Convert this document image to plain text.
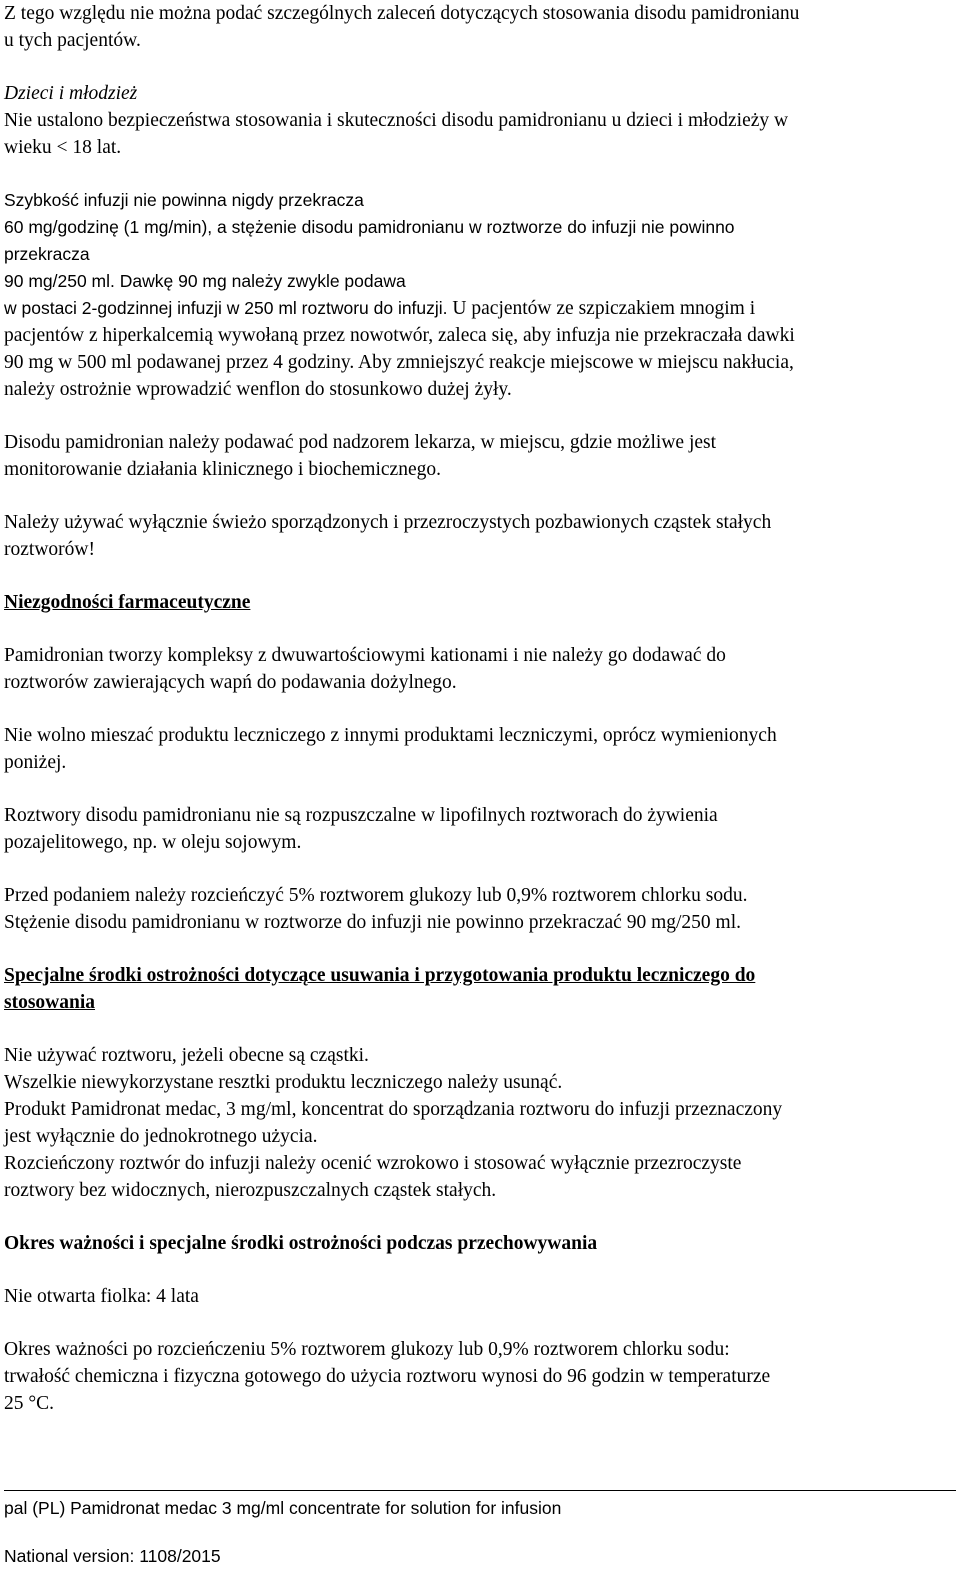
Z tego względu nie można podać szczególnych zaleceń dotyczących stosowania disodu pamidronianu
u tych pacjentów.

Dzieci i młodzież
Nie ustalono bezpieczeństwa stosowania i skuteczności disodu pamidronianu u dzieci i młodzieży w
wieku < 18 lat.

Szybkość infuzji nie powinna nigdy przekracza
60 mg/godzinę (1 mg/min), a stężenie disodu pamidronianu w roztworze do infuzji nie powinno
przekracza
90 mg/250 ml. Dawkę 90 mg należy zwykle podawa
w postaci 2-godzinnej infuzji w 250 ml roztworu do infuzji. U pacjentów ze szpiczakiem mnogim i
pacjentów z hiperkalcemią wywołaną przez nowotwór, zaleca się, aby infuzja nie przekraczała dawki
90 mg w 500 ml podawanej przez 4 godziny. Aby zmniejszyć reakcje miejscowe w miejscu nakłucia,
należy ostrożnie wprowadzić wenflon do stosunkowo dużej żyły.

Disodu pamidronian należy podawać pod nadzorem lekarza, w miejscu, gdzie możliwe jest
monitorowanie działania klinicznego i biochemicznego.

Należy używać wyłącznie świeżo sporządzonych i przezroczystych pozbawionych cząstek stałych
roztworów!

Niezgodności farmaceutyczne

Pamidronian tworzy kompleksy z dwuwartościowymi kationami i nie należy go dodawać do
roztworów zawierających wapń do podawania dożylnego.

Nie wolno mieszać produktu leczniczego z innymi produktami leczniczymi, oprócz wymienionych
poniżej.

Roztwory disodu pamidronianu nie są rozpuszczalne w lipofilnych roztworach do żywienia
pozajelitowego, np. w oleju sojowym.

Przed podaniem należy rozcieńczyć 5% roztworem glukozy lub 0,9% roztworem chlorku sodu.
Stężenie disodu pamidronianu w roztworze do infuzji nie powinno przekraczać 90 mg/250 ml.

Specjalne środki ostrożności dotyczące usuwania i przygotowania produktu leczniczego do
stosowania

Nie używać roztworu, jeżeli obecne są cząstki.
Wszelkie niewykorzystane resztki produktu leczniczego należy usunąć.
Produkt Pamidronat medac, 3 mg/ml, koncentrat do sporządzania roztworu do infuzji przeznaczony
jest wyłącznie do jednokrotnego użycia.
Rozcieńczony roztwór do infuzji należy ocenić wzrokowo i stosować wyłącznie przezroczyste
roztwory bez widocznych, nierozpuszczalnych cząstek stałych.

Okres ważności i specjalne środki ostrożności podczas przechowywania

Nie otwarta fiolka: 4 lata

Okres ważności po rozcieńczeniu 5% roztworem glukozy lub 0,9% roztworem chlorku sodu:
trwałość chemiczna i fizyczna gotowego do użycia roztworu wynosi do 96 godzin w temperaturze
25 °C.

pal (PL) Pamidronat medac 3 mg/ml concentrate for solution for infusion
National version: 1108/2015
